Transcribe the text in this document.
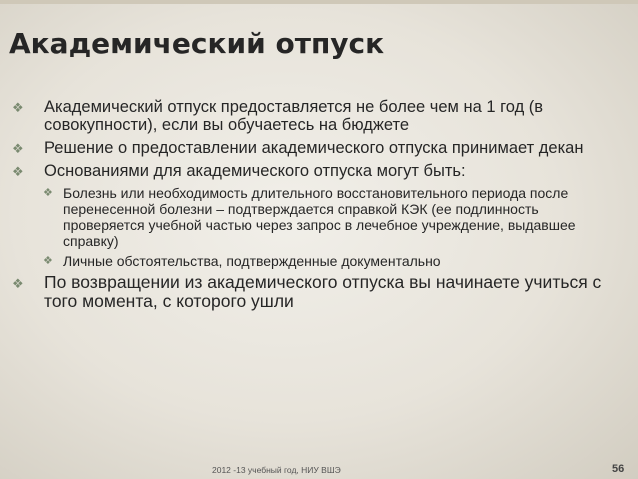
Академический отпуск
❖ Академический отпуск предоставляется не более чем на 1 год (в совокупности), если вы обучаетесь на бюджете
❖ Решение о предоставлении академического отпуска принимает декан
❖ Основаниями для академического отпуска могут быть:
❖ Болезнь или необходимость длительного восстановительного периода после перенесенной болезни – подтверждается справкой КЭК (ее подлинность проверяется учебной частью через запрос в лечебное учреждение, выдавшее справку)
❖ Личные обстоятельства, подтвержденные документально
❖ По возвращении из академического отпуска вы начинаете учиться с того момента, с которого ушли
2012 -13 учебный год, НИУ ВШЭ	56
